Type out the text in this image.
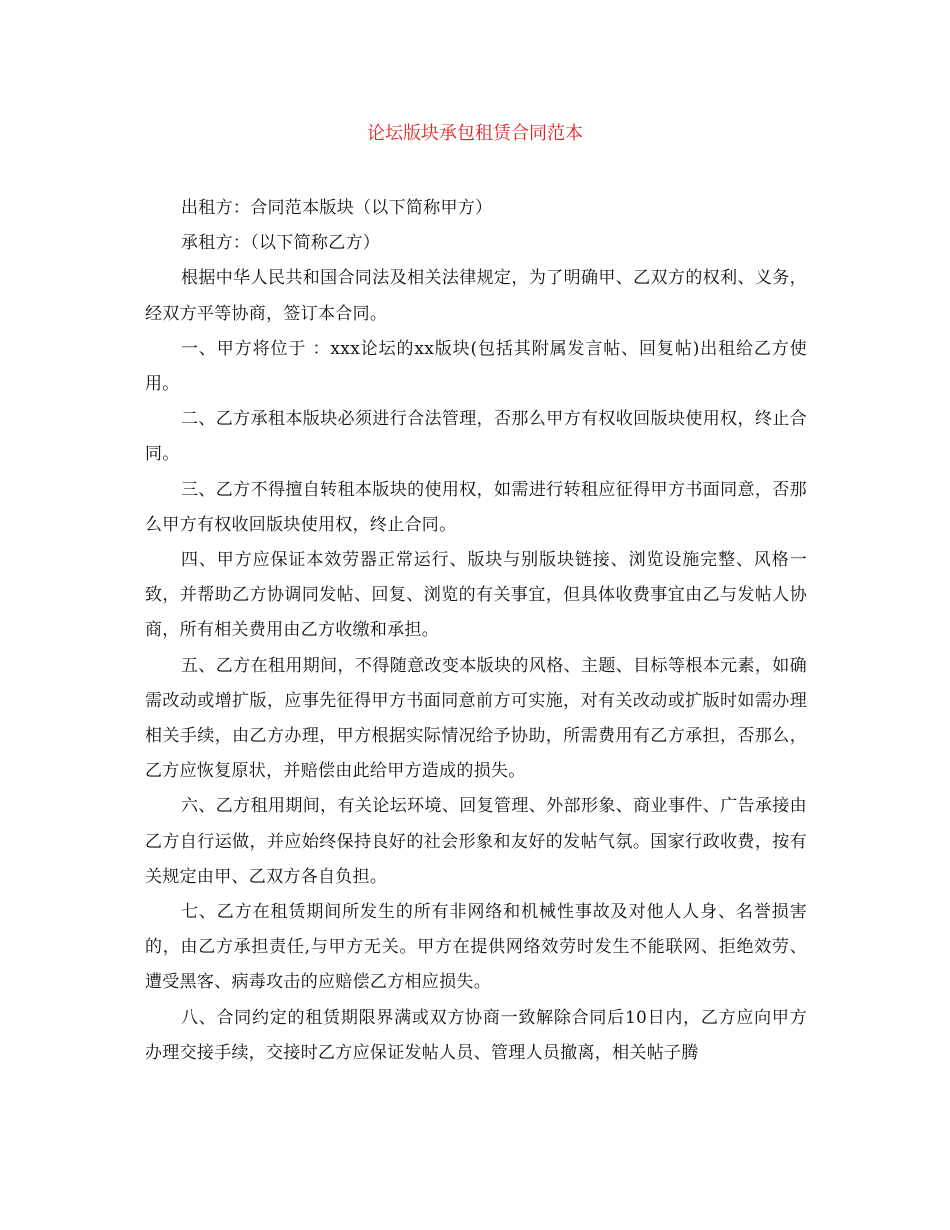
论坛版块承包租赁合同范本

出租方：合同范本版块（以下简称甲方）

承租方：（以下简称乙方）

根据中华人民共和国合同法及相关法律规定，为了明确甲、乙双方的权利、义务，经双方平等协商，签订本合同。

一、甲方将位于 ：xxx论坛的xx版块(包括其附属发言帖、回复帖)出租给乙方使用。

二、乙方承租本版块必须进行合法管理，否那么甲方有权收回版块使用权，终止合同。

三、乙方不得擅自转租本版块的使用权，如需进行转租应征得甲方书面同意，否那么甲方有权收回版块使用权，终止合同。

四、甲方应保证本效劳器正常运行、版块与别版块链接、浏览设施完整、风格一致，并帮助乙方协调同发帖、回复、浏览的有关事宜，但具体收费事宜由乙与发帖人协商，所有相关费用由乙方收缴和承担。

五、乙方在租用期间，不得随意改变本版块的风格、主题、目标等根本元素，如确需改动或增扩版，应事先征得甲方书面同意前方可实施，对有关改动或扩版时如需办理相关手续，由乙方办理，甲方根据实际情况给予协助，所需费用有乙方承担，否那么，乙方应恢复原状，并赔偿由此给甲方造成的损失。

六、乙方租用期间，有关论坛环境、回复管理、外部形象、商业事件、广告承接由乙方自行运做，并应始终保持良好的社会形象和友好的发帖气氛。国家行政收费，按有关规定由甲、乙双方各自负担。

七、乙方在租赁期间所发生的所有非网络和机械性事故及对他人人身、名誉损害的，由乙方承担责任,与甲方无关。甲方在提供网络效劳时发生不能联网、拒绝效劳、遭受黑客、病毒攻击的应赔偿乙方相应损失。

八、合同约定的租赁期限界满或双方协商一致解除合同后10日内，乙方应向甲方办理交接手续，交接时乙方应保证发帖人员、管理人员撤离，相关帖子腾
